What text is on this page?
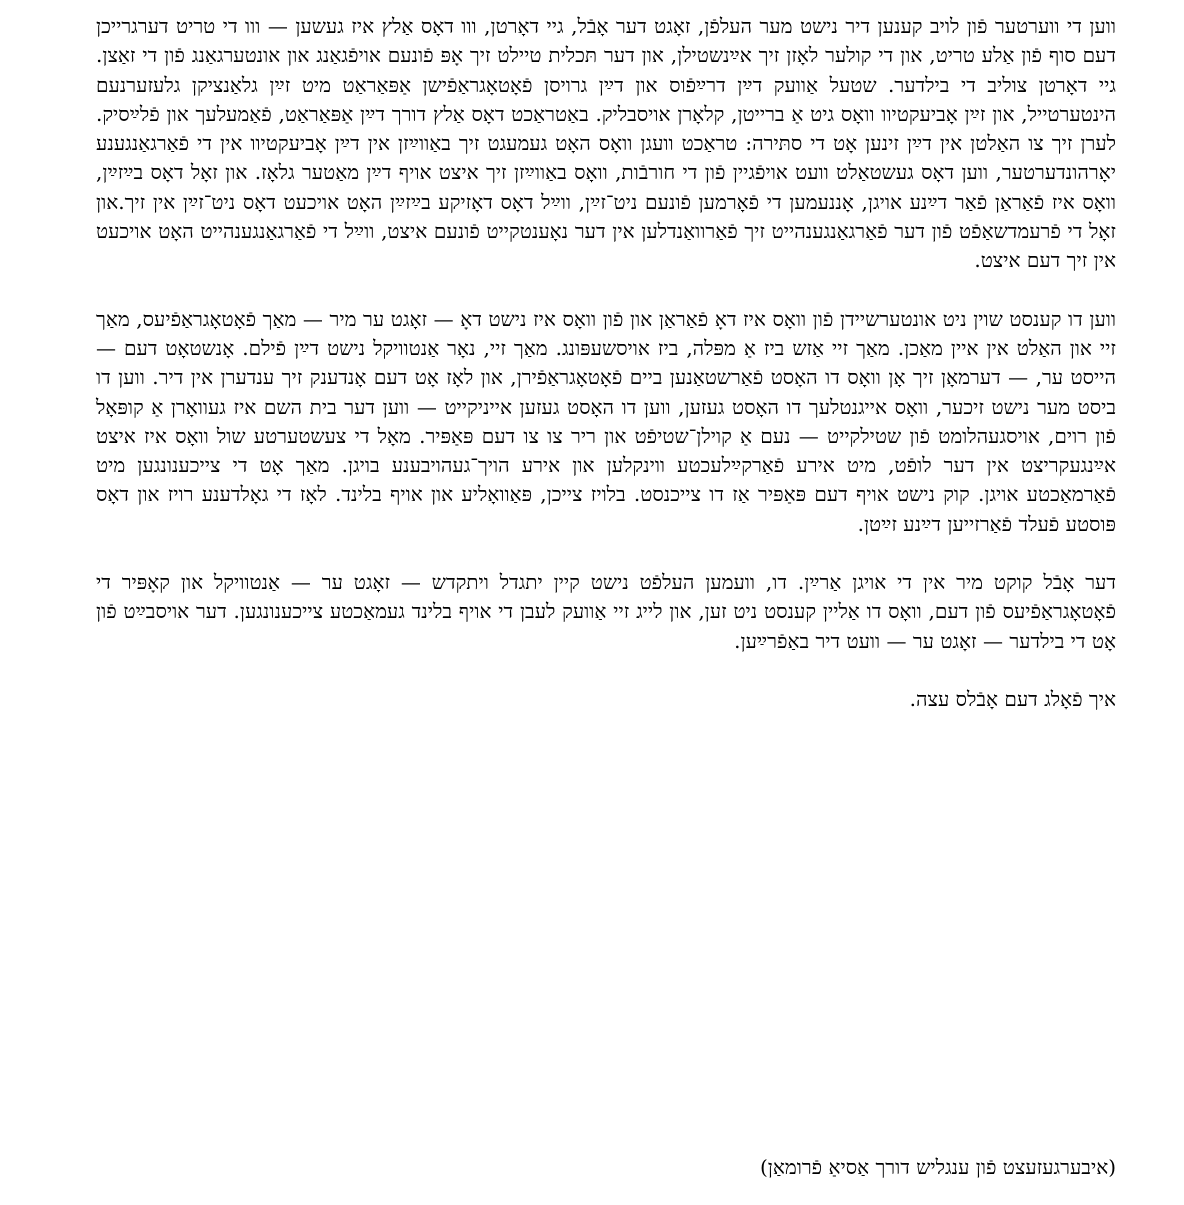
ווען די ווערטער פֿון לויב קענען דיר נישט מער העלפֿן, זאָגט דער אָבֿל, גיי דאָרטן, ווו דאָס אַלץ איז געשען — ווו די טריט דערגרייכן דעם סוף פֿון אַלע טריט, און די קולער לאָזן זיך אײַנשטילן, און דער תּכלית טיילט זיך אָפּ פֿונעם אויפֿגאַנג און אונטערגאַנג פֿון די זאַצן. גיי דאָרטן צוליב די בילדער. שטעל אַוועק דײַן דרײַפֿוס און דײַן גרויסן פֿאָטאָגראַפֿישן אַפּאַראַט מיט זײַן גלאַנציקן גלעזערנעם הינטערטייל, און זײַן אָביעקטיוו וואָס גיט אַ ברייטן, קלאָרן אויסבליק. באַטראַכט דאָס אַלץ דורך דײַן אַפּאַראַט, פֿאַמעלעך און פֿלײַסיק. לערן זיך צו האַלטן אין דײַן זינען אָט די סתּירה: טראַכט וועגן וואָס האָט געמעגט זיך באַווײַזן אין דײַן אָביעקטיוו אין די פֿאַרגאַנגענע יאָרהונדערטער, ווען דאָס געשטאַלט וועט אויפֿגיין פֿון די חורבֿות, וואָס באַווײַזן זיך איצט אויף דײַן מאַטער גלאָז. און זאָל דאָס בײַזײַן, וואָס איז פֿאַראַן פֿאַר דײַנע אויגן, אָננעמען די פֿאָרמען פֿונעם ניט־זײַן, ווײַל דאָס דאָזיקע בײַזײַן האָט אויכעט דאָס ניט־זײַן אין זיך.און זאָל די פֿרעמדשאַפֿט פֿון דער פֿאַרגאַנגענהייט זיך פֿאַרוואַנדלען אין דער נאָענטקייט פֿונעם איצט, ווײַל די פֿאַרגאַנגענהייט האָט אויכעט אין זיך דעם איצט.

ווען דו קענסט שוין ניט אונטערשיידן פֿון וואָס איז דאָ פֿאַראַן און פֿון וואָס איז נישט דאָ — זאָגט ער מיר — מאַך פֿאָטאָגראַפֿיעס, מאַך זיי און האַלט אין איין מאַכן. מאַך זיי אַזש ביז אַ מפּלה, ביז אויסשעפּונג. מאַך זיי, נאָר אַנטוויקל נישט דײַן פֿילם. אָנשטאָט דעם — הייסט ער, — דערמאָן זיך אָן וואָס דו האָסט פֿאַרשטאַנען ביים פֿאָטאָגראַפֿירן, און לאָז אָט דעם אָנדענק זיך ענדערן אין דיר. ווען דו ביסט מער נישט זיכער, וואָס אייגנטלעך דו האָסט געזען, ווען דו האָסט געזען אייניקייט — ווען דער בית השם איז געוואָרן אַ קופּאָל פֿון רוים, אויסגעהלומט פֿון שטילקייט — נעם אַ קוילן־שטיפֿט און ריר צו צו דעם פּאַפּיר. מאָל די צעשטערטע שול וואָס איז איצט אײַנגעקריצט אין דער לופֿט, מיט אירע פֿאַרקײַלעכטע ווינקלען און אירע הויך־געהויבענע בויגן. מאַך אָט די צייכענונגען מיט פֿאַרמאַכטע אויגן. קוק נישט אויף דעם פּאַפּיר אַז דו צייכנסט. בלויז צייכן, פּאַוואָליע און אויף בלינד. לאָז די גאָלדענע רויז און דאָס פּוסטע פֿעלד פֿאַרזייען דײַנע זײַטן.

דער אָבֿל קוקט מיר אין די אויגן אַרײַן. דו, וועמען העלפֿט נישט קיין יתגדל ויתקדש — זאָגט ער — אַנטוויקל און קאָפּיר די פֿאָטאָגראַפֿיעס פֿון דעם, וואָס דו אַליין קענסט ניט זען, און לייג זיי אַוועק לעבן די אויף בלינד געמאַכטע צייכענונגען. דער אויסבײַט פֿון אָט די בילדער — זאָגט ער — וועט דיר באַפֿרײַען.

איך פֿאָלג דעם אָבֿלס עצה.

(איבערגעזעצט פֿון ענגליש דורך אַסיאַ פֿרומאַן)
